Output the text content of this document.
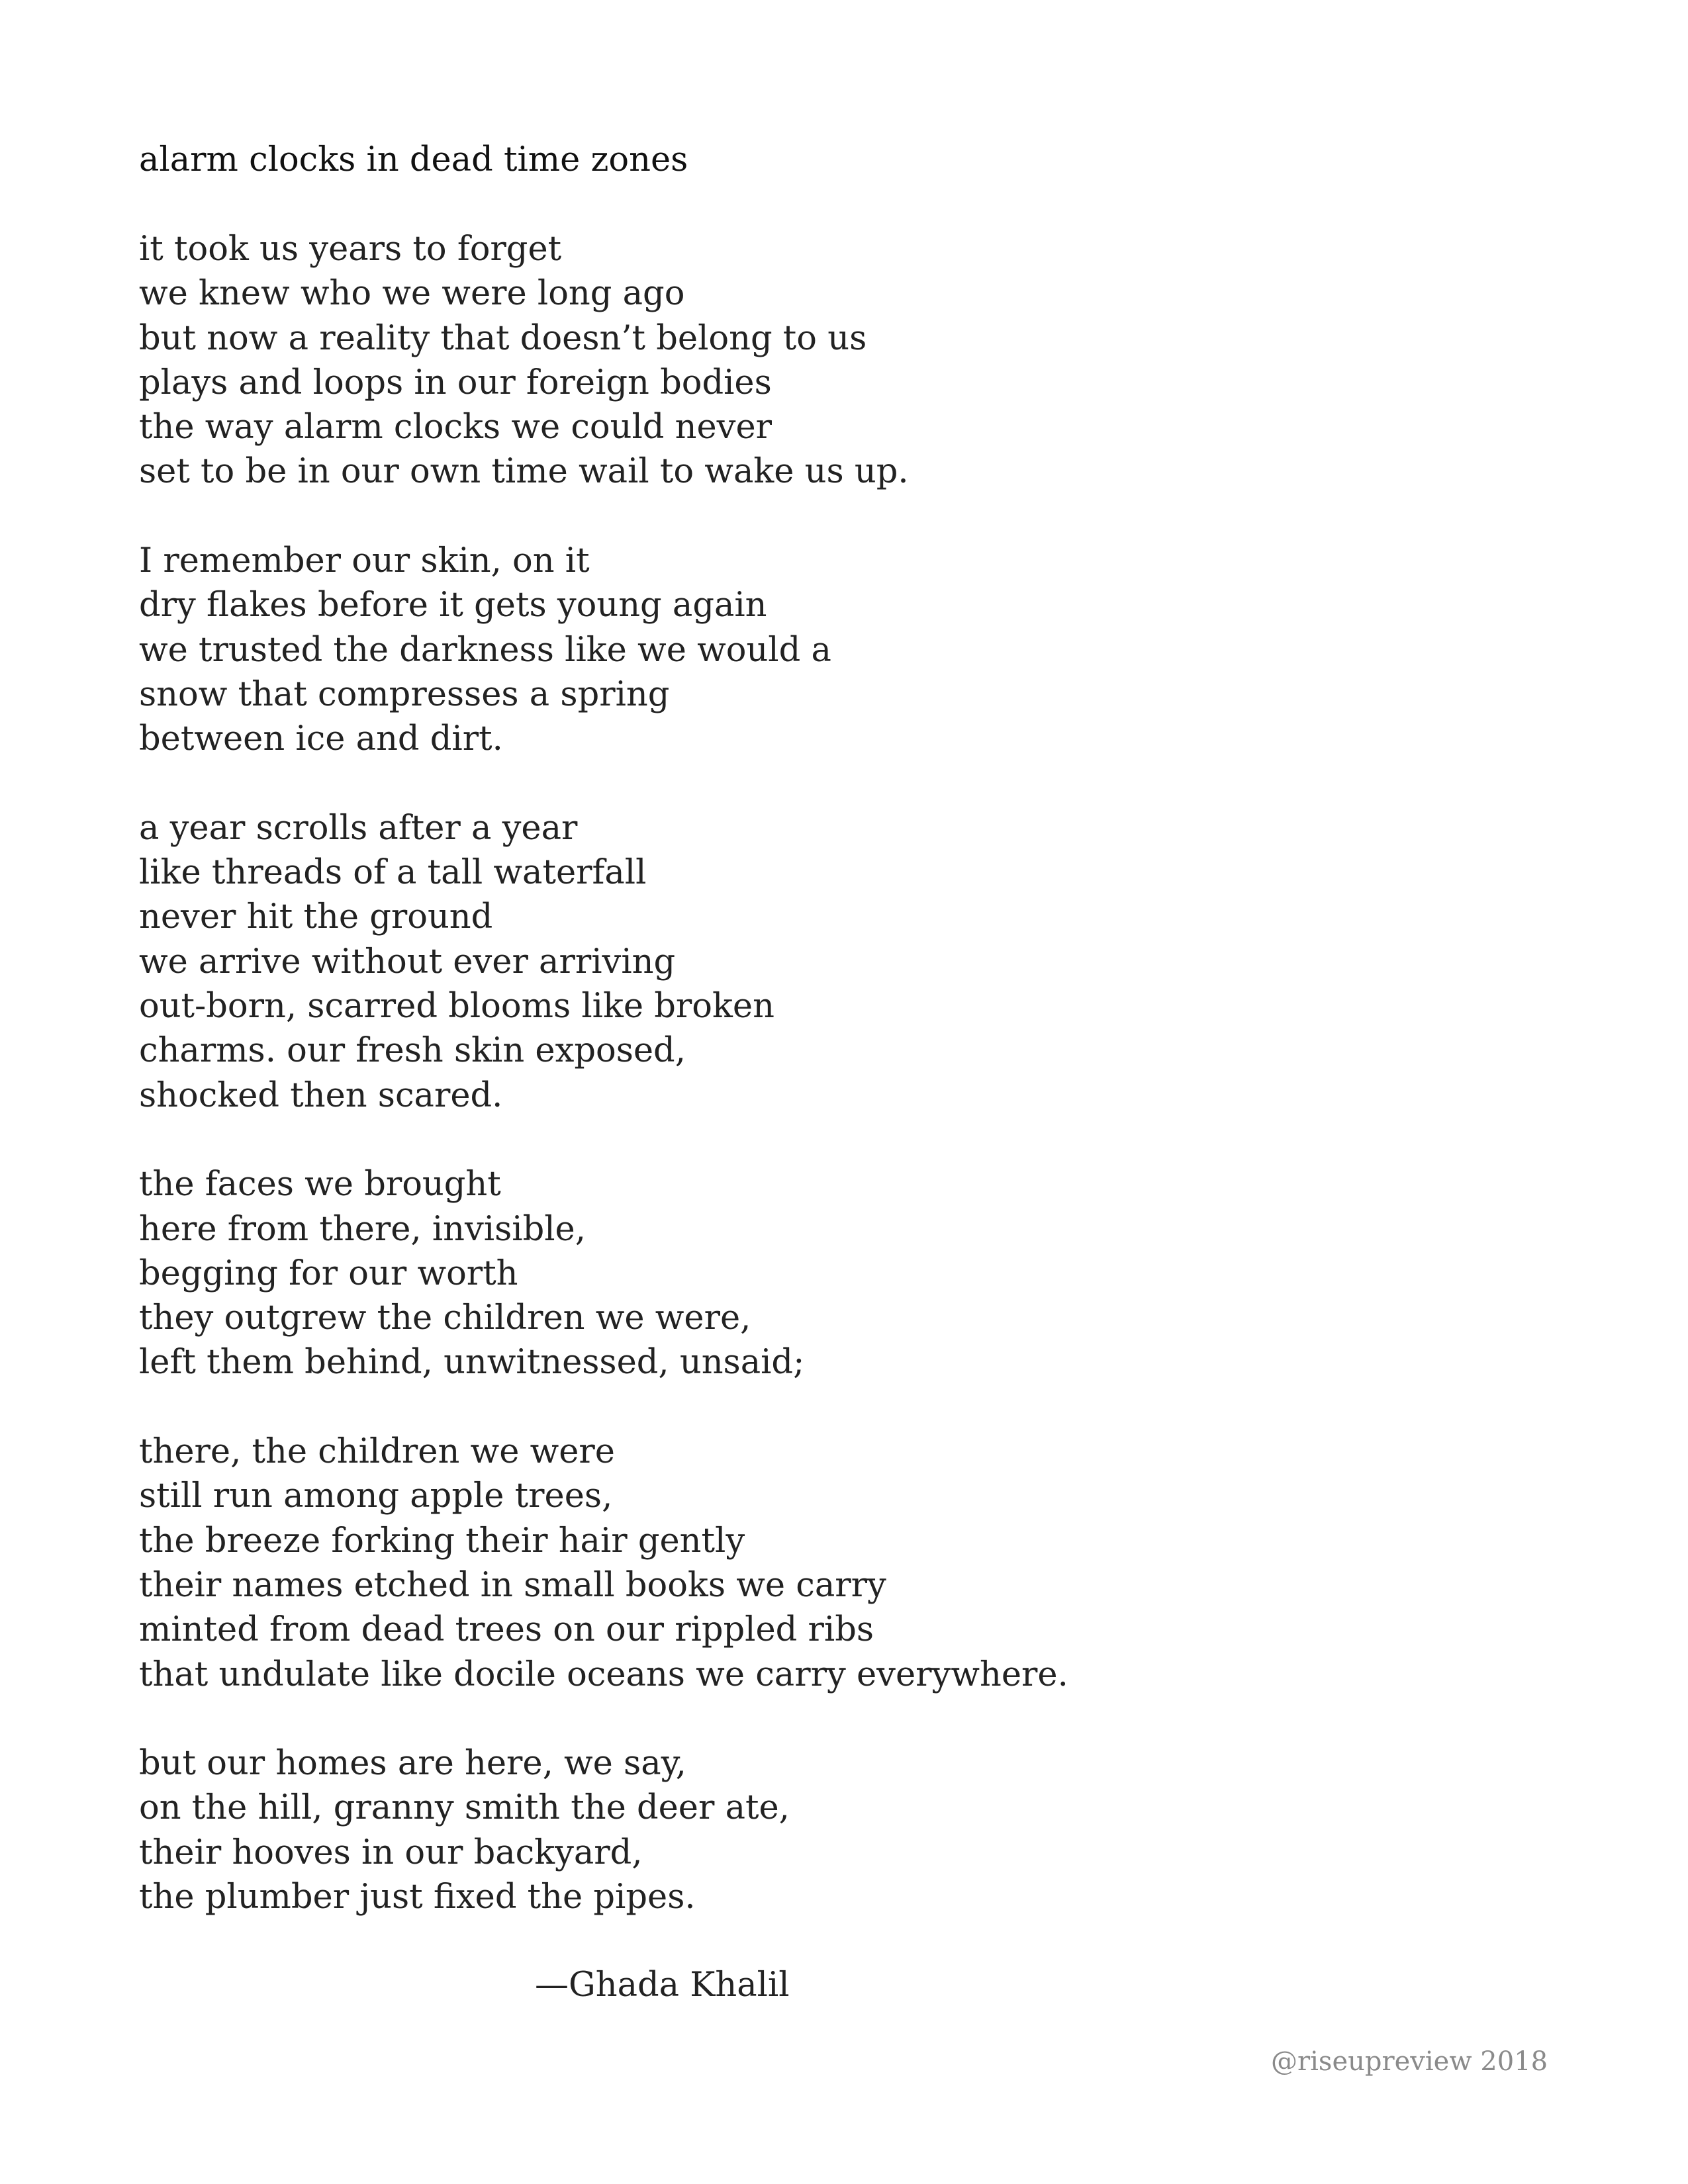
alarm clocks in dead time zones
it took us years to forget
we knew who we were long ago
but now a reality that doesn’t belong to us
plays and loops in our foreign bodies
the way alarm clocks we could never
set to be in our own time wail to wake us up.
I remember our skin, on it
dry flakes before it gets young again
we trusted the darkness like we would a
snow that compresses a spring
between ice and dirt.
a year scrolls after a year
like threads of a tall waterfall
never hit the ground
we arrive without ever arriving
out-born, scarred blooms like broken
charms. our fresh skin exposed,
shocked then scared.
the faces we brought
here from there, invisible,
begging for our worth
they outgrew the children we were,
left them behind, unwitnessed, unsaid;
there, the children we were
still run among apple trees,
the breeze forking their hair gently
their names etched in small books we carry
minted from dead trees on our rippled ribs
that undulate like docile oceans we carry everywhere.
but our homes are here, we say,
on the hill, granny smith the deer ate,
their hooves in our backyard,
the plumber just fixed the pipes.
—Ghada Khalil
@riseupreview 2018
